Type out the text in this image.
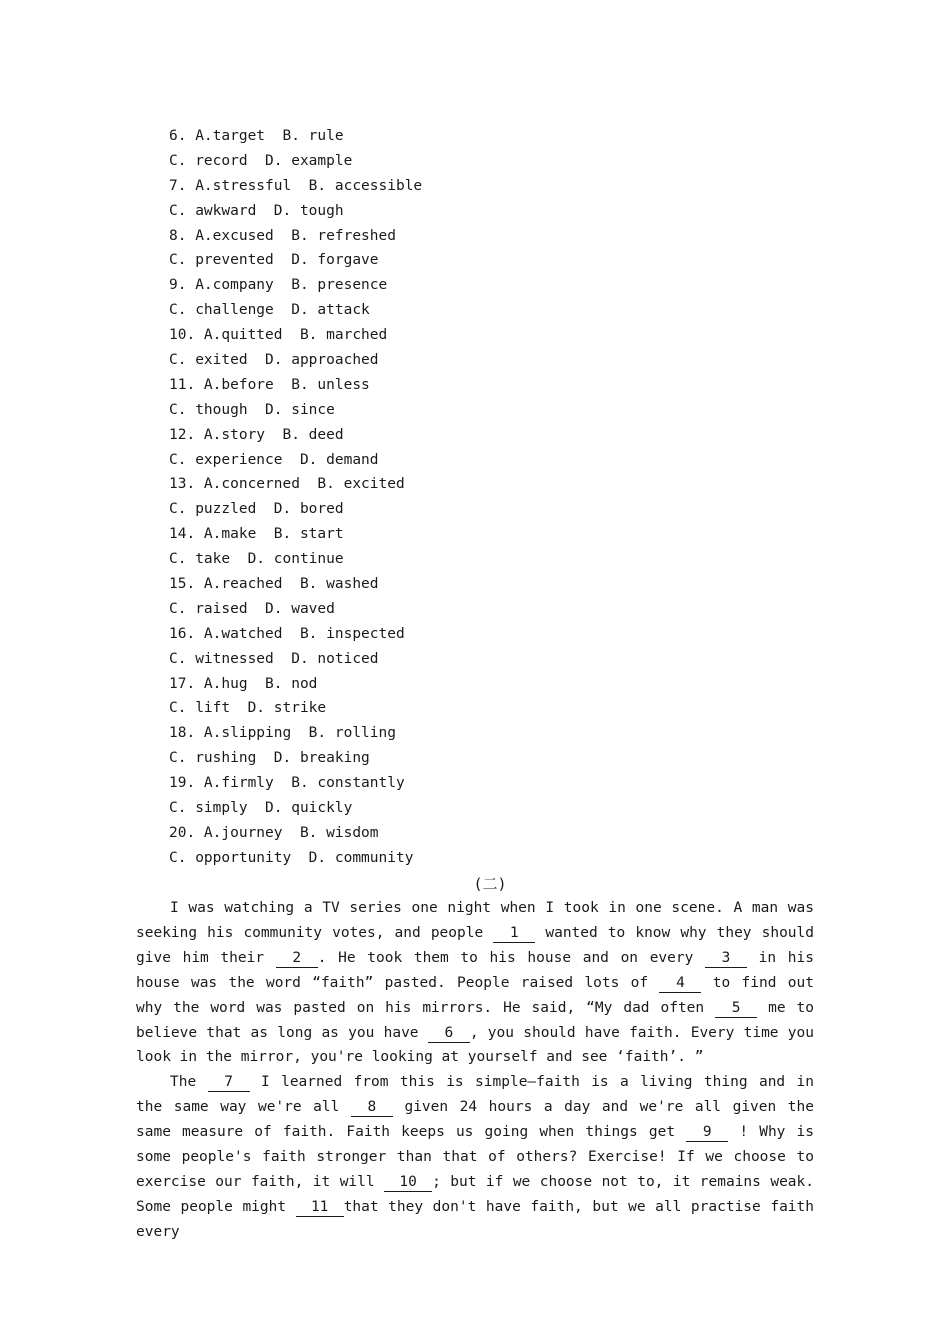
6. A.target  B. rule
C. record  D. example
7. A.stressful  B. accessible
C. awkward  D. tough
8. A.excused  B. refreshed
C. prevented  D. forgave
9. A.company  B. presence
C. challenge  D. attack
10. A.quitted  B. marched
C. exited  D. approached
11. A.before  B. unless
C. though  D. since
12. A.story  B. deed
C. experience  D. demand
13. A.concerned  B. excited
C. puzzled  D. bored
14. A.make  B. start
C. take  D. continue
15. A.reached  B. washed
C. raised  D. waved
16. A.watched  B. inspected
C. witnessed  D. noticed
17. A.hug  B. nod
C. lift  D. strike
18. A.slipping  B. rolling
C. rushing  D. breaking
19. A.firmly  B. constantly
C. simply  D. quickly
20. A.journey  B. wisdom
C. opportunity  D. community
(二)

I was watching a TV series one night when I took in one scene. A man was seeking his community votes, and people 1 wanted to know why they should give him their 2 . He took them to his house and on every 3 in his house was the word “faith” pasted. People raised lots of 4 to find out why the word was pasted on his mirrors. He said, “My dad often 5 me to believe that as long as you have 6 , you should have faith. Every time you look in the mirror, you're looking at yourself and see ‘faith’. ”

The 7 I learned from this is simple—faith is a living thing and in the same way we're all 8 given 24 hours a day and we're all given the same measure of faith. Faith keeps us going when things get 9 ! Why is some people's faith stronger than that of others? Exercise! If we choose to exercise our faith, it will 10 ; but if we choose not to, it remains weak. Some people might 11 that they don't have faith, but we all practise faith every
